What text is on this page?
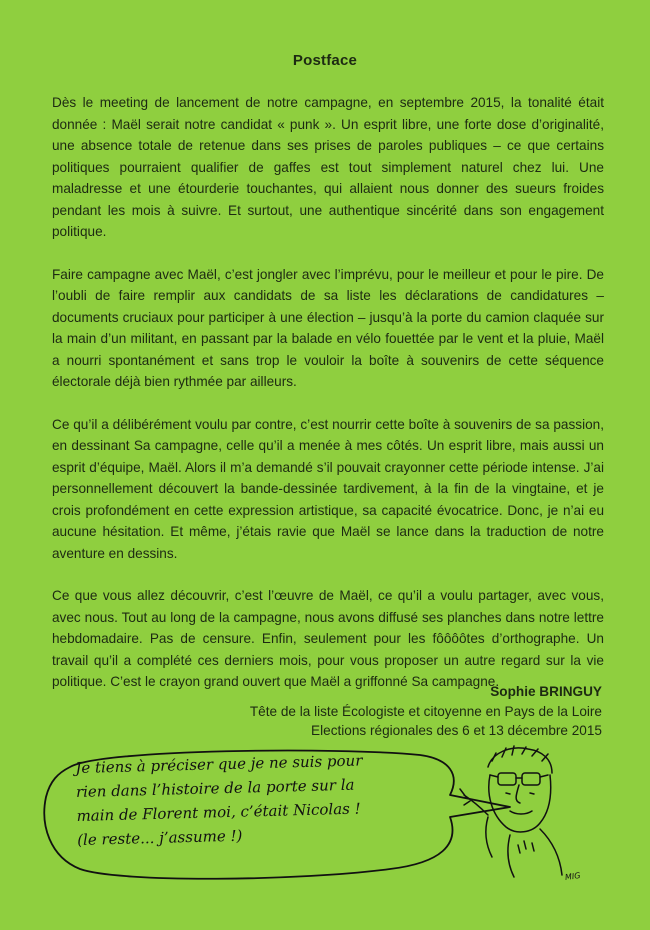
Postface

Dès le meeting de lancement de notre campagne, en septembre 2015, la tonalité était donnée : Maël serait notre candidat « punk ». Un esprit libre, une forte dose d’originalité, une absence totale de retenue dans ses prises de paroles publiques – ce que certains politiques pourraient qualifier de gaffes est tout simplement naturel chez lui. Une maladresse et une étourderie touchantes, qui allaient nous donner des sueurs froides pendant les mois à suivre. Et surtout, une authentique sincérité dans son engagement politique.

Faire campagne avec Maël, c’est jongler avec l’imprévu, pour le meilleur et pour le pire. De l’oubli de faire remplir aux candidats de sa liste les déclarations de candidatures – documents cruciaux pour participer à une élection – jusqu’à la porte du camion claquée sur la main d’un militant, en passant par la balade en vélo fouettée par le vent et la pluie, Maël a nourri spontanément et sans trop le vouloir la boîte à souvenirs de cette séquence électorale déjà bien rythmée par ailleurs.

Ce qu’il a délibérément voulu par contre, c’est nourrir cette boîte à souvenirs de sa passion, en dessinant Sa campagne, celle qu’il a menée à mes côtés. Un esprit libre, mais aussi un esprit d’équipe, Maël. Alors il m’a demandé s’il pouvait crayonner cette période intense. J’ai personnellement découvert la bande-dessinée tardivement, à la fin de la vingtaine, et je crois profondément en cette expression artistique, sa capacité évocatrice. Donc, je n’ai eu aucune hésitation. Et même, j’étais ravie que Maël se lance dans la traduction de notre aventure en dessins.

Ce que vous allez découvrir, c’est l’œuvre de Maël, ce qu’il a voulu partager, avec vous, avec nous. Tout au long de la campagne, nous avons diffusé ses planches dans notre lettre hebdomadaire. Pas de censure. Enfin, seulement pour les fôôôôtes d’orthographe. Un travail qu’il a complété ces derniers mois, pour vous proposer un autre regard sur la vie politique. C’est le crayon grand ouvert que Maël a griffonné Sa campagne.

Sophie BRINGUY
Tête de la liste Écologiste et citoyenne en Pays de la Loire
Elections régionales des 6 et 13 décembre 2015
Je tiens à préciser que je ne suis pour
rien dans l’histoire de la porte sur la
main de Florent moi, c’était Nicolas !
(le reste... j’assume !)
MIG
